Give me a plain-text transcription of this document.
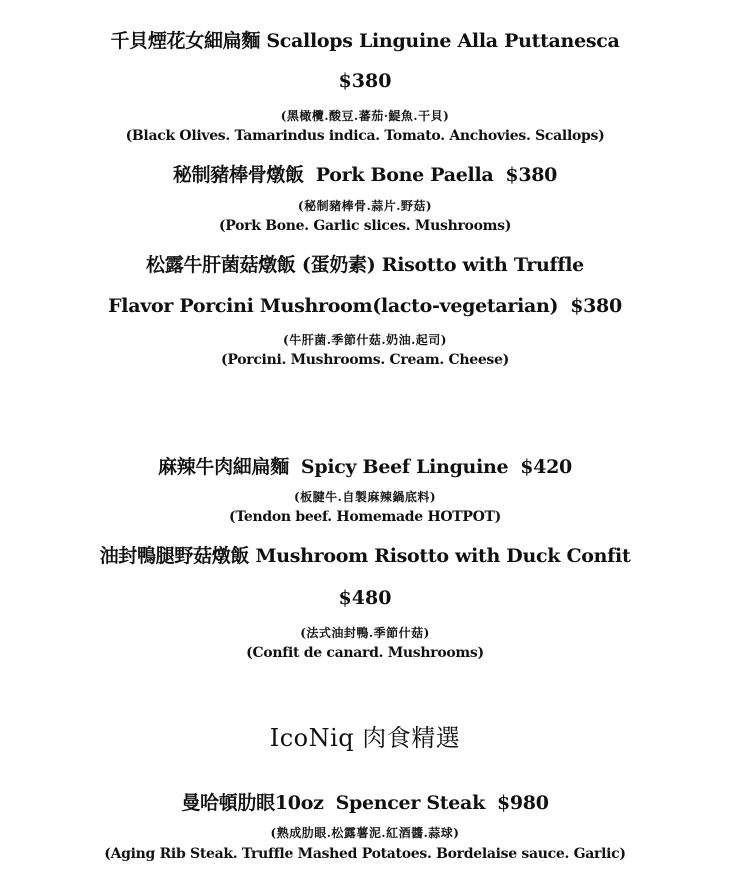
千貝煙花女細扁麵 Scallops Linguine Alla Puttanesca
$380
(黑橄欖.酸豆.蕃茄·鯷魚.干貝)
(Black Olives. Tamarindus indica. Tomato. Anchovies. Scallops)
秘制豬棒骨燉飯 Pork Bone Paella $380
(秘制豬棒骨.蒜片.野菇)
(Pork Bone. Garlic slices. Mushrooms)
松露牛肝菌菇燉飯 (蛋奶素) Risotto with Truffle
Flavor Porcini Mushroom(lacto-vegetarian) $380
(牛肝菌.季節什菇.奶油.起司)
(Porcini. Mushrooms. Cream. Cheese)
麻辣牛肉細扁麵 Spicy Beef Linguine $420
(板腱牛.自製麻辣鍋底料)
(Tendon beef. Homemade HOTPOT)
油封鴨腿野菇燉飯 Mushroom Risotto with Duck Confit
$480
(法式油封鴨.季節什菇)
(Confit de canard. Mushrooms)
IcoNiq 肉食精選
曼哈頓肋眼10oz Spencer Steak $980
(熟成肋眼.松露薯泥.紅酒醬.蒜球)
(Aging Rib Steak. Truffle Mashed Potatoes. Bordelaise sauce. Garlic)
